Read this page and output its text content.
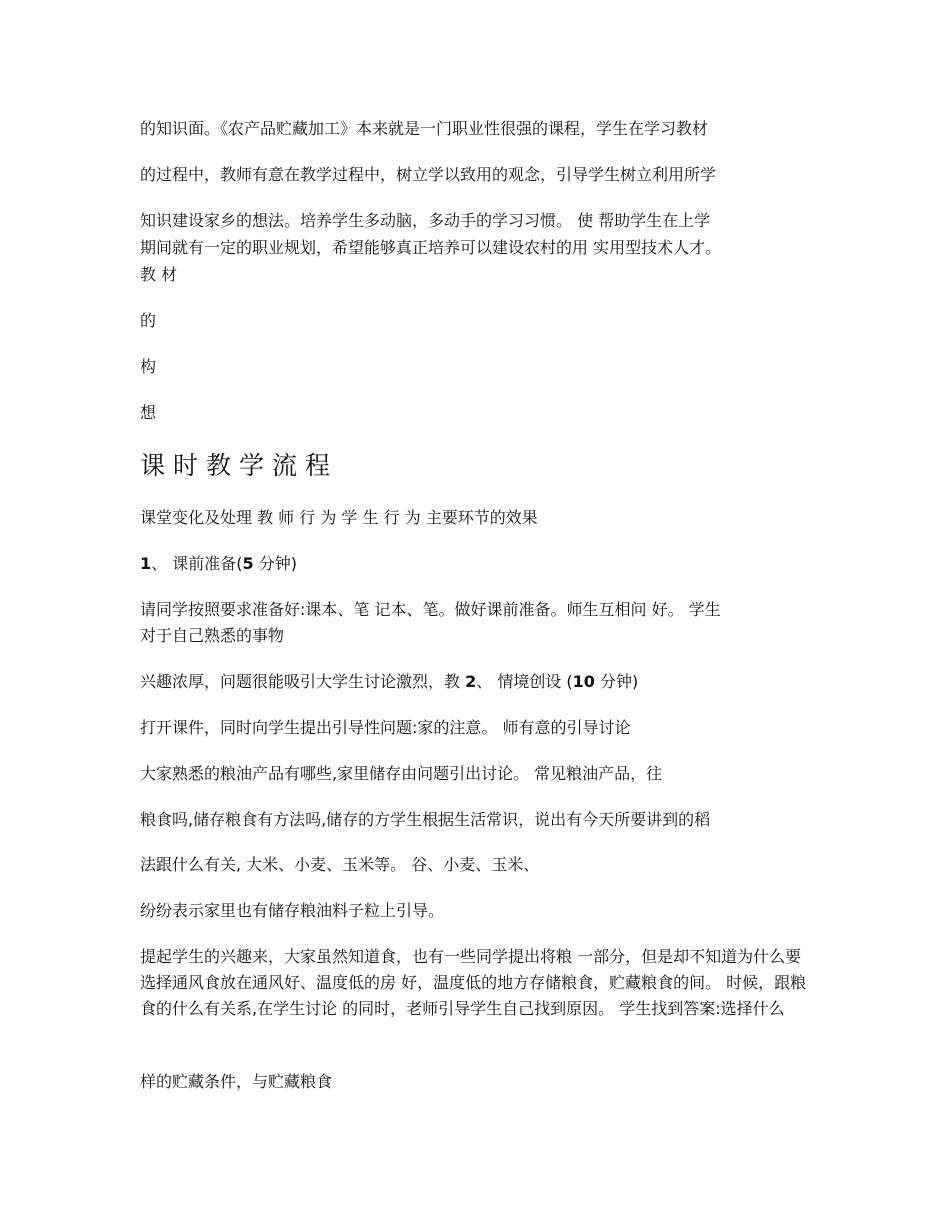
的知识面。《农产品贮藏加工》本来就是一门职业性很强的课程，学生在学习教材
的过程中，教师有意在教学过程中，树立学以致用的观念，引导学生树立利用所学
知识建设家乡的想法。培养学生多动脑，多动手的学习习惯。 使 帮助学生在上学
期间就有一定的职业规划，希望能够真正培养可以建设农村的用 实用型技术人才。
教 材
的
构
想
课时教学流程
课堂变化及处理 教 师 行 为 学 生 行 为 主要环节的效果
1、 课前准备(5 分钟)
请同学按照要求准备好:课本、笔 记本、笔。做好课前准备。师生互相问 好。 学生
对于自己熟悉的事物
兴趣浓厚，问题很能吸引大学生讨论激烈，教 2、 情境创设 (10 分钟)
打开课件，同时向学生提出引导性问题:家的注意。 师有意的引导讨论
大家熟悉的粮油产品有哪些,家里储存由问题引出讨论。 常见粮油产品，往
粮食吗,储存粮食有方法吗,储存的方学生根据生活常识，说出有今天所要讲到的稻
法跟什么有关, 大米、小麦、玉米等。 谷、小麦、玉米、
纷纷表示家里也有储存粮油料子粒上引导。
提起学生的兴趣来，大家虽然知道食，也有一些同学提出将粮 一部分，但是却不知道为什么要选择通风食放在通风好、温度低的房 好，温度低的地方存储粮食，贮藏粮食的间。 时候，跟粮食的什么有关系,在学生讨论 的同时，老师引导学生自己找到原因。 学生找到答案:选择什么
样的贮藏条件，与贮藏粮食
